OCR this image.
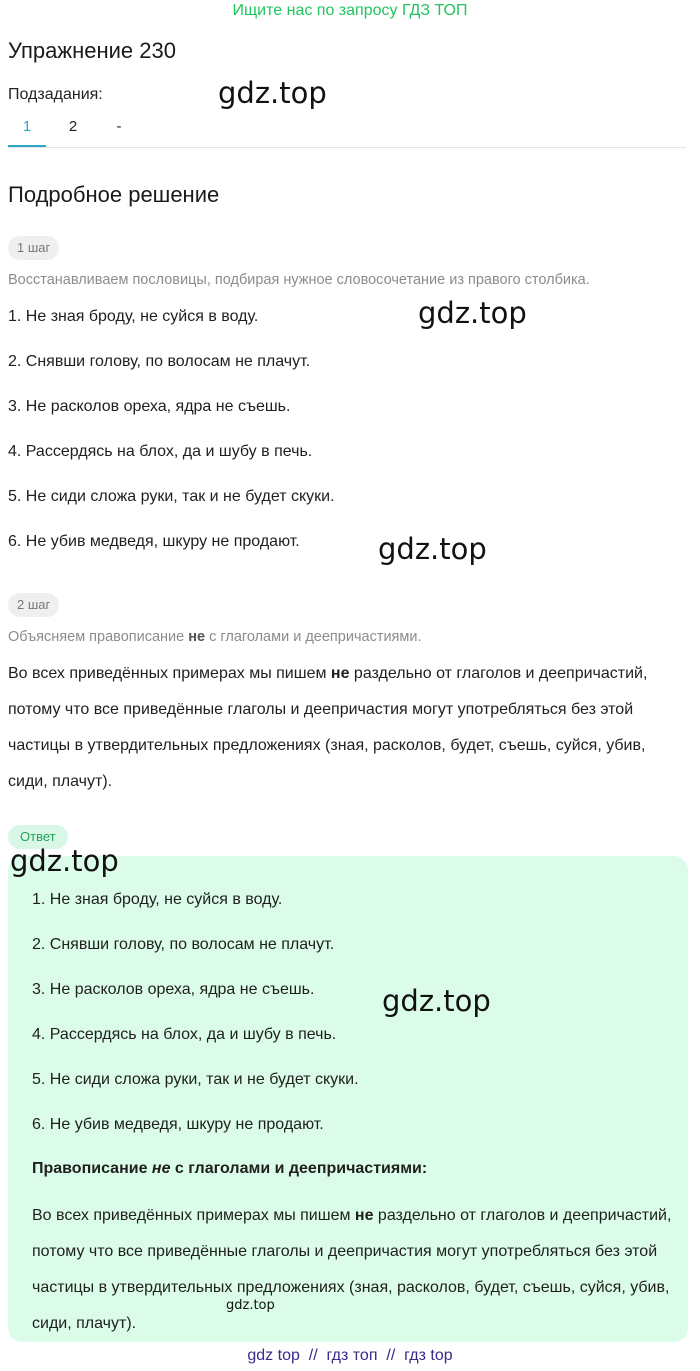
Ищите нас по запросу ГДЗ ТОП
Упражнение 230
Подзадания:
1	2	-
Подробное решение
1 шаг
Восстанавливаем пословицы, подбирая нужное словосочетание из правого столбика.
1. Не зная броду, не суйся в воду.
2. Снявши голову, по волосам не плачут.
3. Не расколов ореха, ядра не съешь.
4. Рассердясь на блох, да и шубу в печь.
5. Не сиди сложа руки, так и не будет скуки.
6. Не убив медведя, шкуру не продают.
2 шаг
Объясняем правописание не с глаголами и деепричастиями.
Во всех приведённых примерах мы пишем не раздельно от глаголов и деепричастий, потому что все приведённые глаголы и деепричастия могут употребляться без этой частицы в утвердительных предложениях (зная, расколов, будет, съешь, суйся, убив, сиди, плачут).
Ответ
1. Не зная броду, не суйся в воду.
2. Снявши голову, по волосам не плачут.
3. Не расколов ореха, ядра не съешь.
4. Рассердясь на блох, да и шубу в печь.
5. Не сиди сложа руки, так и не будет скуки.
6. Не убив медведя, шкуру не продают.
Правописание не с глаголами и деепричастиями:
Во всех приведённых примерах мы пишем не раздельно от глаголов и деепричастий, потому что все приведённые глаголы и деепричастия могут употребляться без этой частицы в утвердительных предложениях (зная, расколов, будет, съешь, суйся, убив, сиди, плачут).
gdz.top
gdz.top
gdz.top
gdz.top
gdz.top
gdz.top
gdz top  //  гдз топ  //  гдз top
